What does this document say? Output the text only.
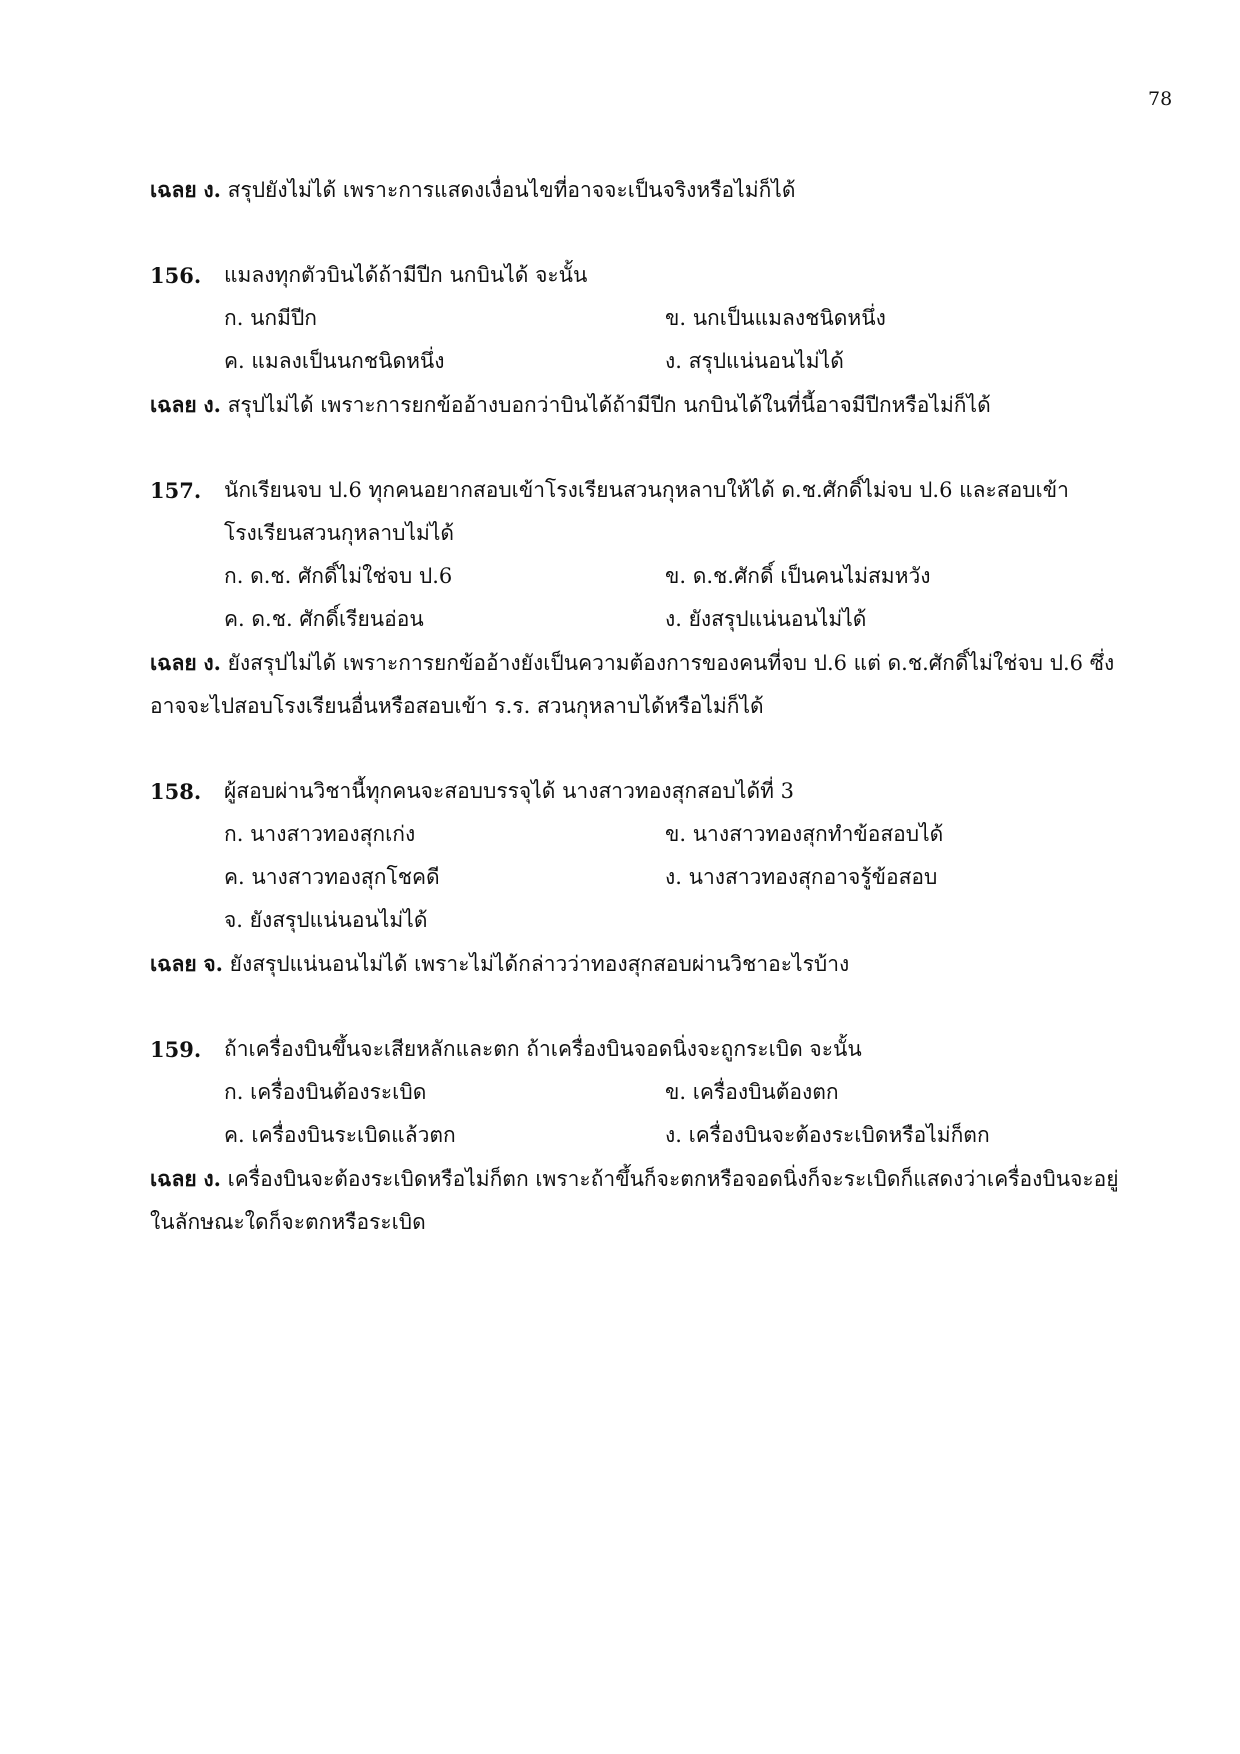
78
เฉลย ง. สรุปยังไม่ได้ เพราะการแสดงเงื่อนไขที่อาจจะเป็นจริงหรือไม่ก็ได้
156.	แมลงทุกตัวบินได้ถ้ามีปีก นกบินได้ จะนั้น
ก. นกมีปีก	ข. นกเป็นแมลงชนิดหนึ่ง
ค. แมลงเป็นนกชนิดหนึ่ง	ง. สรุปแน่นอนไม่ได้
เฉลย ง. สรุปไม่ได้ เพราะการยกข้ออ้างบอกว่าบินได้ถ้ามีปีก นกบินได้ในที่นี้อาจมีปีกหรือไม่ก็ได้
157.	นักเรียนจบ ป.6 ทุกคนอยากสอบเข้าโรงเรียนสวนกุหลาบให้ได้ ด.ช.ศักดิ์ไม่จบ ป.6 และสอบเข้า
โรงเรียนสวนกุหลาบไม่ได้
ก. ด.ช. ศักดิ์ไม่ใช่จบ ป.6	ข. ด.ช.ศักดิ์ เป็นคนไม่สมหวัง
ค. ด.ช. ศักดิ์เรียนอ่อน	ง. ยังสรุปแน่นอนไม่ได้
เฉลย ง. ยังสรุปไม่ได้ เพราะการยกข้ออ้างยังเป็นความต้องการของคนที่จบ ป.6 แต่ ด.ช.ศักดิ์ไม่ใช่จบ ป.6 ซึ่ง
อาจจะไปสอบโรงเรียนอื่นหรือสอบเข้า ร.ร. สวนกุหลาบได้หรือไม่ก็ได้
158.	ผู้สอบผ่านวิชานี้ทุกคนจะสอบบรรจุได้ นางสาวทองสุกสอบได้ที่ 3
ก. นางสาวทองสุกเก่ง	ข. นางสาวทองสุกทำข้อสอบได้
ค. นางสาวทองสุกโชคดี	ง. นางสาวทองสุกอาจรู้ข้อสอบ
จ. ยังสรุปแน่นอนไม่ได้
เฉลย จ. ยังสรุปแน่นอนไม่ได้ เพราะไม่ได้กล่าวว่าทองสุกสอบผ่านวิชาอะไรบ้าง
159.	ถ้าเครื่องบินขึ้นจะเสียหลักและตก ถ้าเครื่องบินจอดนิ่งจะถูกระเบิด จะนั้น
ก. เครื่องบินต้องระเบิด	ข. เครื่องบินต้องตก
ค. เครื่องบินระเบิดแล้วตก	ง. เครื่องบินจะต้องระเบิดหรือไม่ก็ตก
เฉลย ง. เครื่องบินจะต้องระเบิดหรือไม่ก็ตก เพราะถ้าขึ้นก็จะตกหรือจอดนิ่งก็จะระเบิดก็แสดงว่าเครื่องบินจะอยู่
ในลักษณะใดก็จะตกหรือระเบิด
